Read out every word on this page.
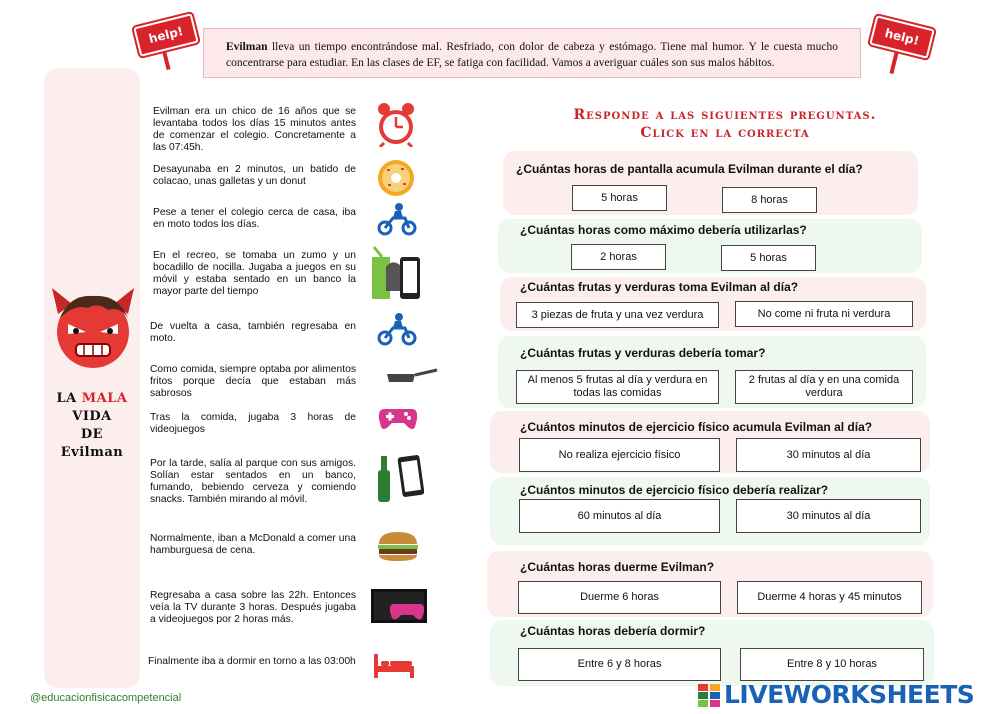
help!	help!
Evilman lleva un tiempo encontrándose mal. Resfriado, con dolor de cabeza y estómago. Tiene mal humor. Y le cuesta mucho concentrarse para estudiar. En las clases de EF, se fatiga con facilidad. Vamos a averiguar cuáles son sus malos hábitos.
LA MALA
VIDA
DE
Evilman
Evilman era un chico de 16 años que se levantaba todos los días 15 minutos antes de comenzar el colegio. Concretamente a las 07:45h.
Desayunaba en 2 minutos, un batido de colacao, unas galletas y un donut
Pese a tener el colegio cerca de casa, iba en moto todos los días.
En el recreo, se tomaba un zumo y un bocadillo de nocilla. Jugaba a juegos en su móvil y estaba sentado en un banco la mayor parte del tiempo
De vuelta a casa, también regresaba en moto.
Como comida, siempre optaba por alimentos fritos porque decía que estaban más sabrosos
Tras la comida, jugaba 3 horas de videojuegos
Por la tarde, salía al parque con sus amigos. Solían estar sentados en un banco, fumando, bebiendo cerveza y comiendo snacks. También mirando al móvil.
Normalmente, iban a McDonald a comer una hamburguesa de cena.
Regresaba a casa sobre las 22h. Entonces veía la TV durante 3 horas. Después jugaba a videojuegos por 2 horas más.
Finalmente iba a dormir en torno a las 03:00h
Responde a las siguientes preguntas.
Click en la correcta
¿Cuántas horas de pantalla acumula Evilman durante el día?
¿Cuántas horas como máximo debería utilizarlas?
¿Cuántas frutas y verduras toma Evilman al día?
¿Cuántas frutas y verduras debería tomar?
¿Cuántos minutos de ejercicio físico acumula Evilman al día?
¿Cuántos minutos de ejercicio físico debería realizar?
¿Cuántas horas duerme Evilman?
¿Cuántas horas debería dormir?
5 horas	8 horas
2 horas	5 horas
3 piezas de fruta y una vez verdura	No come ni fruta ni verdura
Al menos 5 frutas al día y verdura en todas las comidas
2 frutas al día y en una comida verdura
No realiza ejercicio físico	30 minutos al día
60 minutos al día	30 minutos al día
Duerme 6 horas	Duerme 4 horas y 45 minutos
Entre 6 y 8 horas	Entre 8 y 10 horas
@educacionfisicacompetencial	LIVEWORKSHEETS
